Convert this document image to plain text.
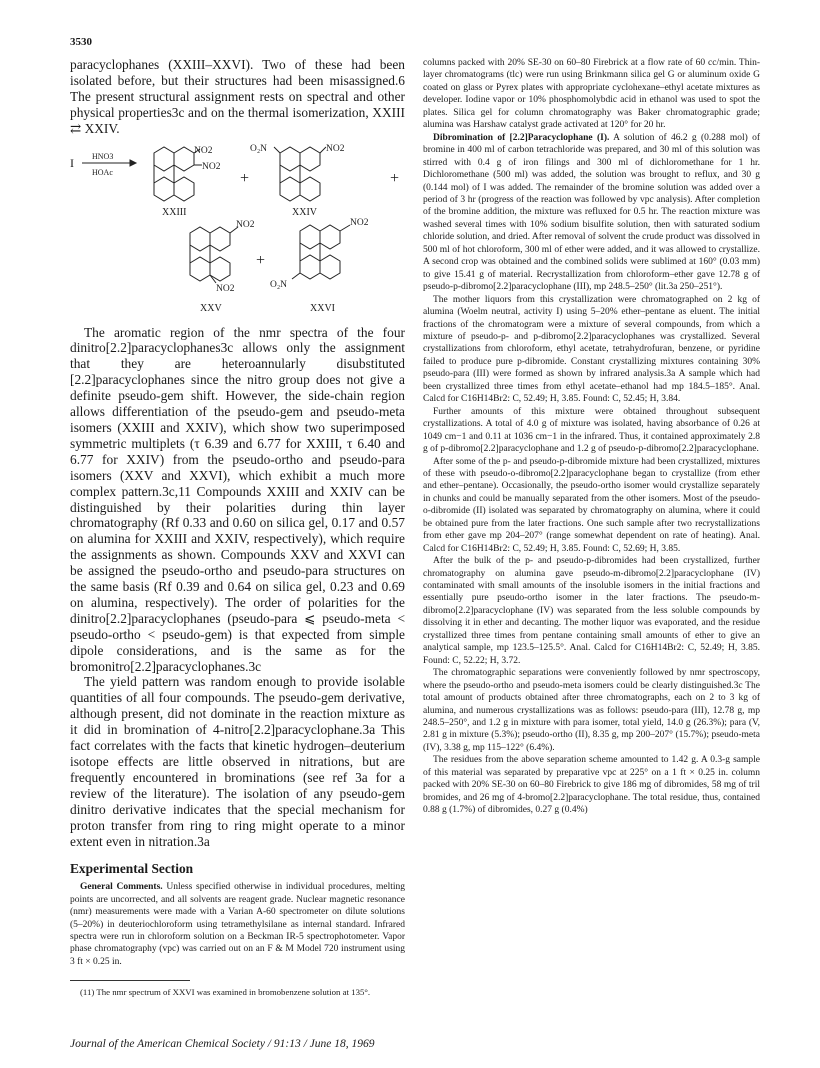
3530

paracyclophanes (XXIII–XXVI). Two of these had been isolated before, but their structures had been misassigned.6 The present structural assignment rests on spectral and other physical properties3c and on the thermal isomerization, XXIII ⇄ XXIV.

I HNO3
HOAc
NO2
NO2
+
O₂N	NO2
+
XXIII	XXIV
NO2
NO2
+
NO2
O₂N
XXV	XXVI

The aromatic region of the nmr spectra of the four dinitro[2.2]paracyclophanes3c allows only the assignment that they are heteroannularly disubstituted [2.2]paracyclophanes since the nitro group does not give a definite pseudo-gem shift. However, the side-chain region allows differentiation of the pseudo-gem and pseudo-meta isomers (XXIII and XXIV), which show two superimposed symmetric multiplets (τ 6.39 and 6.77 for XXIII, τ 6.40 and 6.77 for XXIV) from the pseudo-ortho and pseudo-para isomers (XXV and XXVI), which exhibit a much more complex pattern.3c,11 Compounds XXIII and XXIV can be distinguished by their polarities during thin layer chromatography (Rf 0.33 and 0.60 on silica gel, 0.17 and 0.57 on alumina for XXIII and XXIV, respectively), which require the assignments as shown. Compounds XXV and XXVI can be assigned the pseudo-ortho and pseudo-para structures on the same basis (Rf 0.39 and 0.64 on silica gel, 0.23 and 0.69 on alumina, respectively). The order of polarities for the dinitro[2.2]paracyclophanes (pseudo-para ⩽ pseudo-meta < pseudo-ortho < pseudo-gem) is that expected from simple dipole considerations, and is the same as for the bromonitro[2.2]paracyclophanes.3c

The yield pattern was random enough to provide isolable quantities of all four compounds. The pseudo-gem derivative, although present, did not dominate in the reaction mixture as it did in bromination of 4-nitro[2.2]paracyclophane.3a This fact correlates with the facts that kinetic hydrogen–deuterium isotope effects are little observed in nitrations, but are frequently encountered in brominations (see ref 3a for a review of the literature). The isolation of any pseudo-gem dinitro derivative indicates that the special mechanism for proton transfer from ring to ring might operate to a minor extent even in nitration.3a

Experimental Section

General Comments. Unless specified otherwise in individual procedures, melting points are uncorrected, and all solvents are reagent grade. Nuclear magnetic resonance (nmr) measurements were made with a Varian A-60 spectrometer on dilute solutions (5–20%) in deuteriochloroform using tetramethylsilane as internal standard. Infrared spectra were run in chloroform solution on a Beckman IR-5 spectrophotometer. Vapor phase chromatography (vpc) was carried out on an F & M Model 720 instrument using 3 ft × 0.25 in.

(11) The nmr spectrum of XXVI was examined in bromobenzene solution at 135°.

columns packed with 20% SE-30 on 60–80 Firebrick at a flow rate of 60 cc/min. Thin-layer chromatograms (tlc) were run using Brinkmann silica gel G or aluminum oxide G coated on glass or Pyrex plates with appropriate cyclohexane–ethyl acetate mixtures as developer. Iodine vapor or 10% phosphomolybdic acid in ethanol was used to spot the plates. Silica gel for column chromatography was Baker chromatographic grade; alumina was Harshaw catalyst grade activated at 120° for 20 hr.

Dibromination of [2.2]Paracyclophane (I). A solution of 46.2 g (0.288 mol) of bromine in 400 ml of carbon tetrachloride was prepared, and 30 ml of this solution was stirred with 0.4 g of iron filings and 300 ml of dichloromethane for 1 hr. Dichloromethane (500 ml) was added, the solution was brought to reflux, and 30 g (0.144 mol) of I was added. The remainder of the bromine solution was added over a period of 3 hr (progress of the reaction was followed by vpc analysis). After completion of the bromine addition, the mixture was refluxed for 0.5 hr. The reaction mixture was washed several times with 10% sodium bisulfite solution, then with saturated sodium chloride solution, and dried. After removal of solvent the crude product was dissolved in 500 ml of hot chloroform, 300 ml of ether were added, and it was allowed to crystallize. A second crop was obtained and the combined solids were sublimed at 160° (0.03 mm) to give 15.41 g of material. Recrystallization from chloroform–ether gave 12.78 g of pseudo-p-dibromo[2.2]paracyclophane (III), mp 248.5–250° (lit.3a 250–251°).

The mother liquors from this crystallization were chromatographed on 2 kg of alumina (Woelm neutral, activity I) using 5–20% ether–pentane as eluent. The initial fractions of the chromatogram were a mixture of several compounds, from which a mixture of pseudo-p- and p-dibromo[2.2]paracyclophanes was crystallized. Several crystallizations from chloroform, ethyl acetate, tetrahydrofuran, benzene, or pyridine failed to produce pure p-dibromide. Constant crystallizing mixtures containing 30% pseudo-para (III) were formed as shown by infrared analysis.3a A sample which had been crystallized three times from ethyl acetate–ethanol had mp 184.5–185°. Anal. Calcd for C16H14Br2: C, 52.49; H, 3.85. Found: C, 52.45; H, 3.84.

Further amounts of this mixture were obtained throughout subsequent crystallizations. A total of 4.0 g of mixture was isolated, having absorbance of 0.26 at 1049 cm−1 and 0.11 at 1036 cm−1 in the infrared. Thus, it contained approximately 2.8 g of p-dibromo[2.2]paracyclophane and 1.2 g of pseudo-p-dibromo[2.2]paracyclophane.

After some of the p- and pseudo-p-dibromide mixture had been crystallized, mixtures of these with pseudo-o-dibromo[2.2]paracyclophane began to crystallize (from ether and ether–pentane). Occasionally, the pseudo-ortho isomer would crystallize separately in chunks and could be manually separated from the other isomers. Most of the pseudo-o-dibromide (II) isolated was separated by chromatography on alumina, where it could be obtained pure from the later fractions. One such sample after two recrystallizations from ether gave mp 204–207° (range somewhat dependent on rate of heating). Anal. Calcd for C16H14Br2: C, 52.49; H, 3.85. Found: C, 52.69; H, 3.85.

After the bulk of the p- and pseudo-p-dibromides had been crystallized, further chromatography on alumina gave pseudo-m-dibromo[2.2]paracyclophane (IV) contaminated with small amounts of the insoluble isomers in the initial fractions and essentially pure pseudo-ortho isomer in the later fractions. The pseudo-m-dibromo[2.2]paracyclophane (IV) was separated from the less soluble compounds by dissolving it in ether and decanting. The mother liquor was evaporated, and the residue crystallized three times from pentane containing small amounts of ether to give an analytical sample, mp 123.5–125.5°. Anal. Calcd for C16H14Br2: C, 52.49; H, 3.85. Found: C, 52.22; H, 3.72.

The chromatographic separations were conveniently followed by nmr spectroscopy, where the pseudo-ortho and pseudo-meta isomers could be clearly distinguished.3c The total amount of products obtained after three chromatographs, each on 2 to 3 kg of alumina, and numerous crystallizations was as follows: pseudo-para (III), 12.78 g, mp 248.5–250°, and 1.2 g in mixture with para isomer, total yield, 14.0 g (26.3%); para (V, 2.81 g in mixture (5.3%); pseudo-ortho (II), 8.35 g, mp 200–207° (15.7%); pseudo-meta (IV), 3.38 g, mp 115–122° (6.4%).

The residues from the above separation scheme amounted to 1.42 g. A 0.3-g sample of this material was separated by preparative vpc at 225° on a 1 ft × 0.25 in. column packed with 20% SE-30 on 60–80 Firebrick to give 186 mg of dibromides, 58 mg of tril bromides, and 26 mg of 4-bromo[2.2]paracyclophane. The total residue, thus, contained 0.88 g (1.7%) of dibromides, 0.27 g (0.4%)

Journal of the American Chemical Society / 91:13 / June 18, 1969
